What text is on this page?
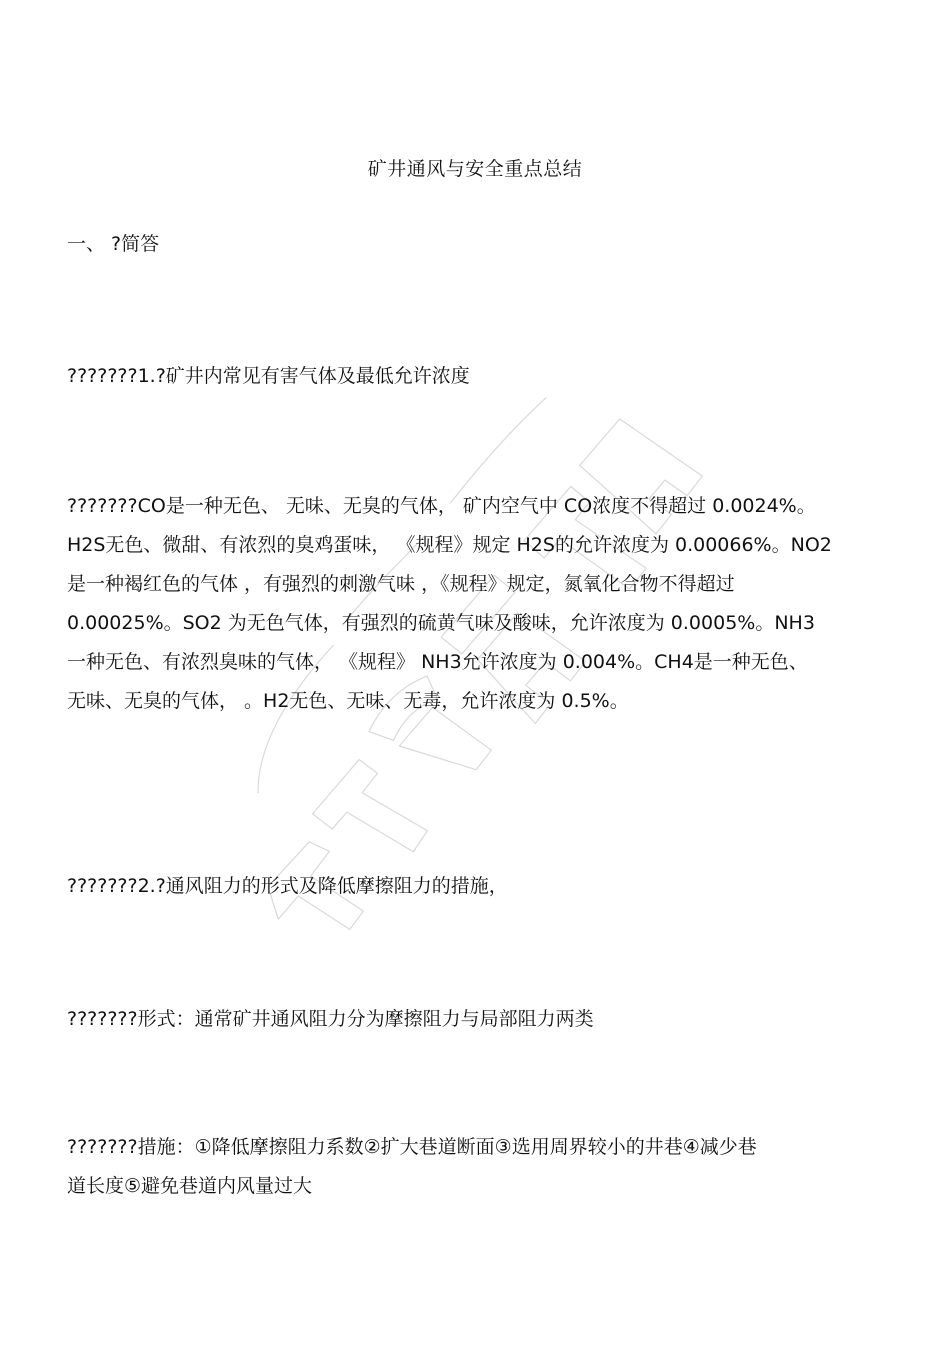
矿井通风与安全重点总结
一、 ?简答
???????1.?矿井内常见有害气体及最低允许浓度
???????CO是一种无色、 无味、无臭的气体， 矿内空气中 CO浓度不得超过 0.0024%。
H2S无色、微甜、有浓烈的臭鸡蛋味， 《规程》规定 H2S的允许浓度为 0.00066%。NO2
是一种褐红色的气体 ，有强烈的刺激气味 ，《规程》规定，氮氧化合物不得超过
0.00025%。SO2 为无色气体，有强烈的硫黄气味及酸味，允许浓度为 0.0005%。NH3
一种无色、有浓烈臭味的气体， 《规程》 NH3允许浓度为 0.004%。CH4是一种无色、
无味、无臭的气体， 。H2无色、无味、无毒，允许浓度为 0.5%。
???????2.?通风阻力的形式及降低摩擦阻力的措施，
???????形式：通常矿井通风阻力分为摩擦阻力与局部阻力两类
???????措施：①降低摩擦阻力系数②扩大巷道断面③选用周界较小的井巷④减少巷
道长度⑤避免巷道内风量过大
